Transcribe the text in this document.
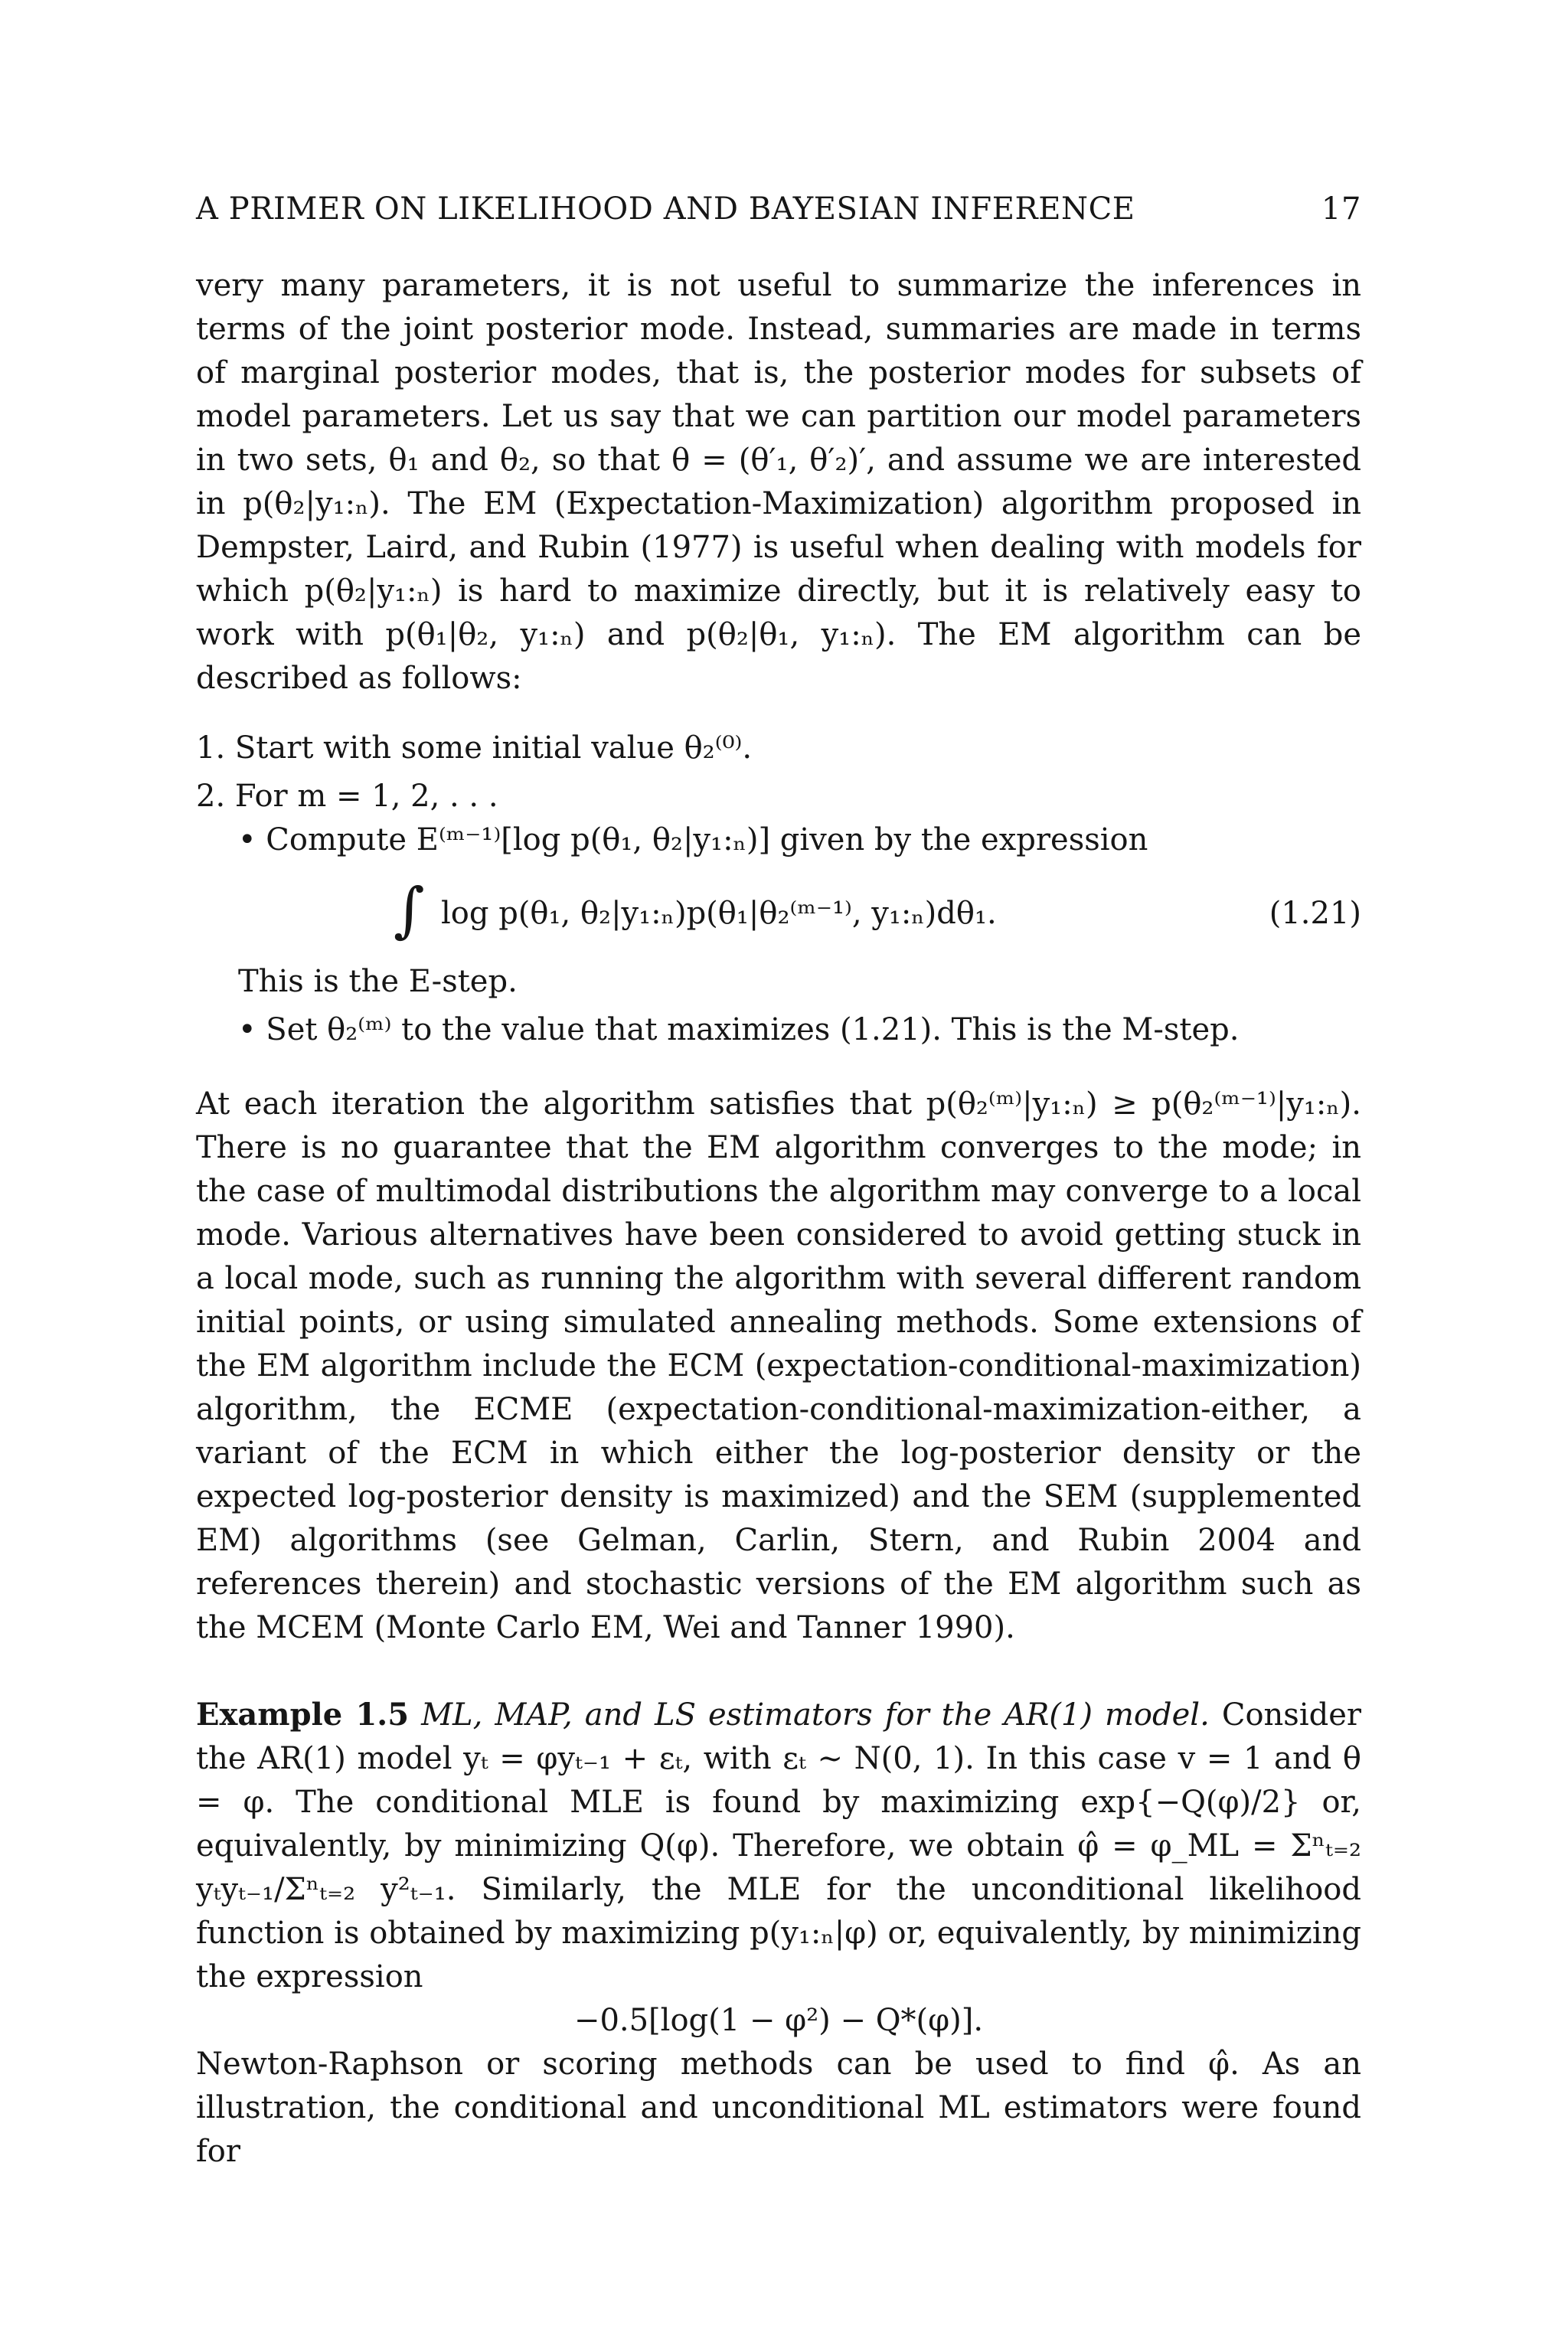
A PRIMER ON LIKELIHOOD AND BAYESIAN INFERENCE	17

very many parameters, it is not useful to summarize the inferences in terms of the joint posterior mode. Instead, summaries are made in terms of marginal posterior modes, that is, the posterior modes for subsets of model parameters. Let us say that we can partition our model parameters in two sets, θ₁ and θ₂, so that θ = (θ′₁, θ′₂)′, and assume we are interested in p(θ₂|y₁:ₙ). The EM (Expectation-Maximization) algorithm proposed in Dempster, Laird, and Rubin (1977) is useful when dealing with models for which p(θ₂|y₁:ₙ) is hard to maximize directly, but it is relatively easy to work with p(θ₁|θ₂, y₁:ₙ) and p(θ₂|θ₁, y₁:ₙ). The EM algorithm can be described as follows:

1. Start with some initial value θ₂⁽⁰⁾.

2. For m = 1, 2, . . .

• Compute E⁽ᵐ⁻¹⁾[log p(θ₁, θ₂|y₁:ₙ)] given by the expression

∫ log p(θ₁, θ₂|y₁:ₙ)p(θ₁|θ₂⁽ᵐ⁻¹⁾, y₁:ₙ)dθ₁.	(1.21)

This is the E-step.

• Set θ₂⁽ᵐ⁾ to the value that maximizes (1.21). This is the M-step.

At each iteration the algorithm satisfies that p(θ₂⁽ᵐ⁾|y₁:ₙ) ≥ p(θ₂⁽ᵐ⁻¹⁾|y₁:ₙ). There is no guarantee that the EM algorithm converges to the mode; in the case of multimodal distributions the algorithm may converge to a local mode. Various alternatives have been considered to avoid getting stuck in a local mode, such as running the algorithm with several different random initial points, or using simulated annealing methods. Some extensions of the EM algorithm include the ECM (expectation-conditional-maximization) algorithm, the ECME (expectation-conditional-maximization-either, a variant of the ECM in which either the log-posterior density or the expected log-posterior density is maximized) and the SEM (supplemented EM) algorithms (see Gelman, Carlin, Stern, and Rubin 2004 and references therein) and stochastic versions of the EM algorithm such as the MCEM (Monte Carlo EM, Wei and Tanner 1990).

Example 1.5 ML, MAP, and LS estimators for the AR(1) model. Consider the AR(1) model yₜ = φyₜ₋₁ + εₜ, with εₜ ∼ N(0, 1). In this case v = 1 and θ = φ. The conditional MLE is found by maximizing exp{−Q(φ)/2} or, equivalently, by minimizing Q(φ). Therefore, we obtain φ̂ = φ_ML = Σⁿₜ₌₂ yₜyₜ₋₁/Σⁿₜ₌₂ y²ₜ₋₁. Similarly, the MLE for the unconditional likelihood function is obtained by maximizing p(y₁:ₙ|φ) or, equivalently, by minimizing the expression

−0.5[log(1 − φ²) − Q*(φ)].

Newton-Raphson or scoring methods can be used to find φ̂. As an illustration, the conditional and unconditional ML estimators were found for
